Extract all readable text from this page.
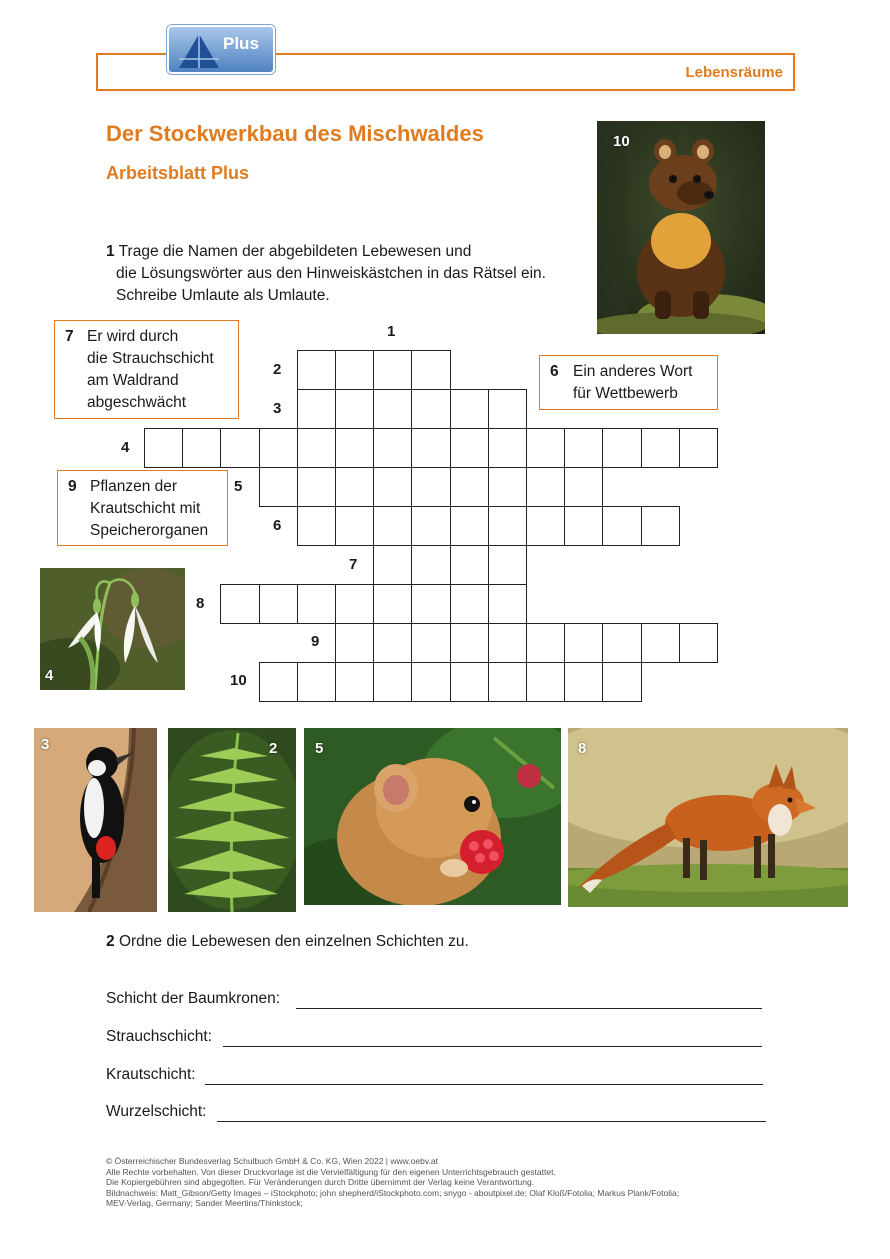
Lebensräume
Plus
Der Stockwerkbau des Mischwaldes
Arbeitsblatt Plus
1 Trage die Namen der abgebildeten Lebewesen und
die Lösungswörter aus den Hinweiskästchen in das Rätsel ein.
Schreibe Umlaute als Umlaute.
10
7 Er wird durch
die Strauchschicht
am Waldrand
abgeschwächt
6 Ein anderes Wort
für Wettbewerb
9 Pflanzen der
Krautschicht mit
Speicherorganen
1
2
3
4
5
6
7
8
9
10
4
3	2	5	8
2 Ordne die Lebewesen den einzelnen Schichten zu.
Schicht der Baumkronen:
Strauchschicht:
Krautschicht:
Wurzelschicht:
© Österreichischer Bundesverlag Schulbuch GmbH & Co. KG, Wien 2022 | www.oebv.at
Alle Rechte vorbehalten. Von dieser Druckvorlage ist die Vervielfältigung für den eigenen Unterrichtsgebrauch gestattet.
Die Kopiergebühren sind abgegolten. Für Veränderungen durch Dritte übernimmt der Verlag keine Verantwortung.
Bildnachweis: Matt_Gibson/Getty Images – iStockphoto; john shepherd/iStockphoto.com; snygo - aboutpixel.de; Olaf Kloß/Fotolia; Markus Plank/Fotolia;
MEV-Verlag, Germany; Sander Meertins/Thinkstock;
